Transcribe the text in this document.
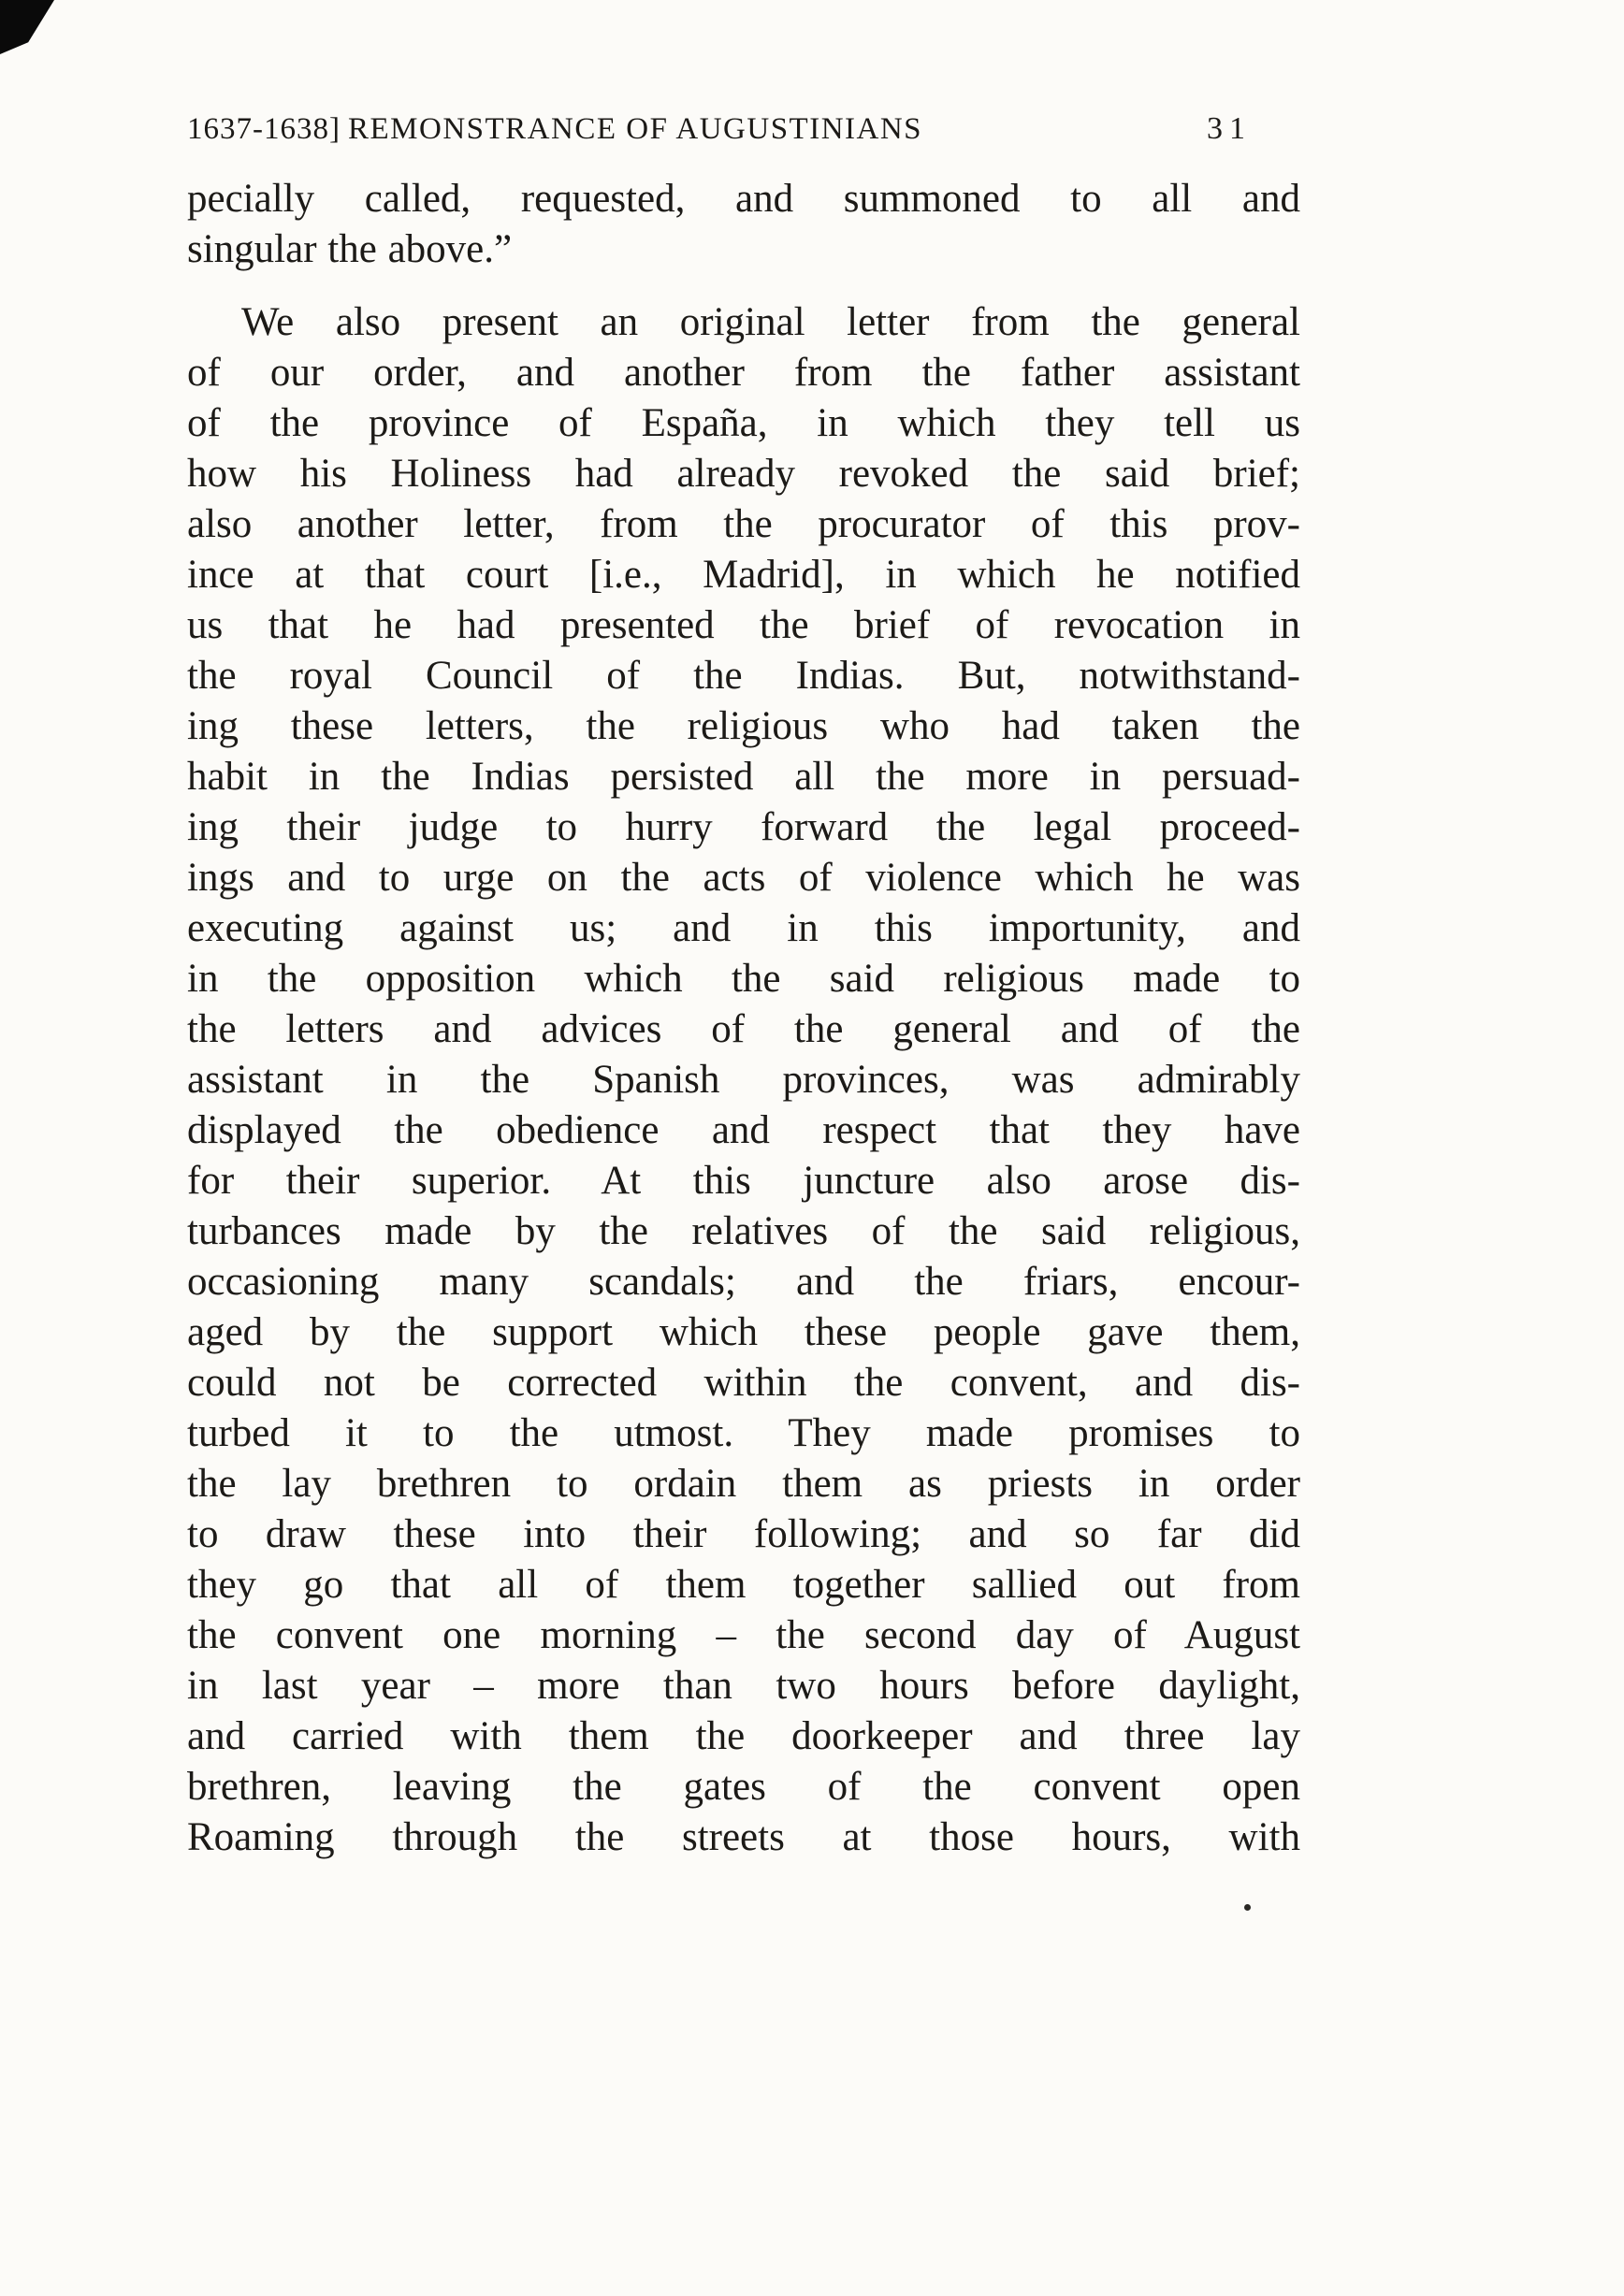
1637-1638] REMONSTRANCE OF AUGUSTINIANS	31
pecially called, requested, and summoned to all and
singular the above.”
We also present an original letter from the general
of our order, and another from the father assistant
of the province of España, in which they tell us
how his Holiness had already revoked the said brief;
also another letter, from the procurator of this prov-
ince at that court [i.e., Madrid], in which he notified
us that he had presented the brief of revocation in
the royal Council of the Indias. But, notwithstand-
ing these letters, the religious who had taken the
habit in the Indias persisted all the more in persuad-
ing their judge to hurry forward the legal proceed-
ings and to urge on the acts of violence which he was
executing against us; and in this importunity, and
in the opposition which the said religious made to
the letters and advices of the general and of the
assistant in the Spanish provinces, was admirably
displayed the obedience and respect that they have
for their superior. At this juncture also arose dis-
turbances made by the relatives of the said religious,
occasioning many scandals; and the friars, encour-
aged by the support which these people gave them,
could not be corrected within the convent, and dis-
turbed it to the utmost. They made promises to
the lay brethren to ordain them as priests in order
to draw these into their following; and so far did
they go that all of them together sallied out from
the convent one morning – the second day of August
in last year – more than two hours before daylight,
and carried with them the doorkeeper and three lay
brethren, leaving the gates of the convent open
Roaming through the streets at those hours, with
